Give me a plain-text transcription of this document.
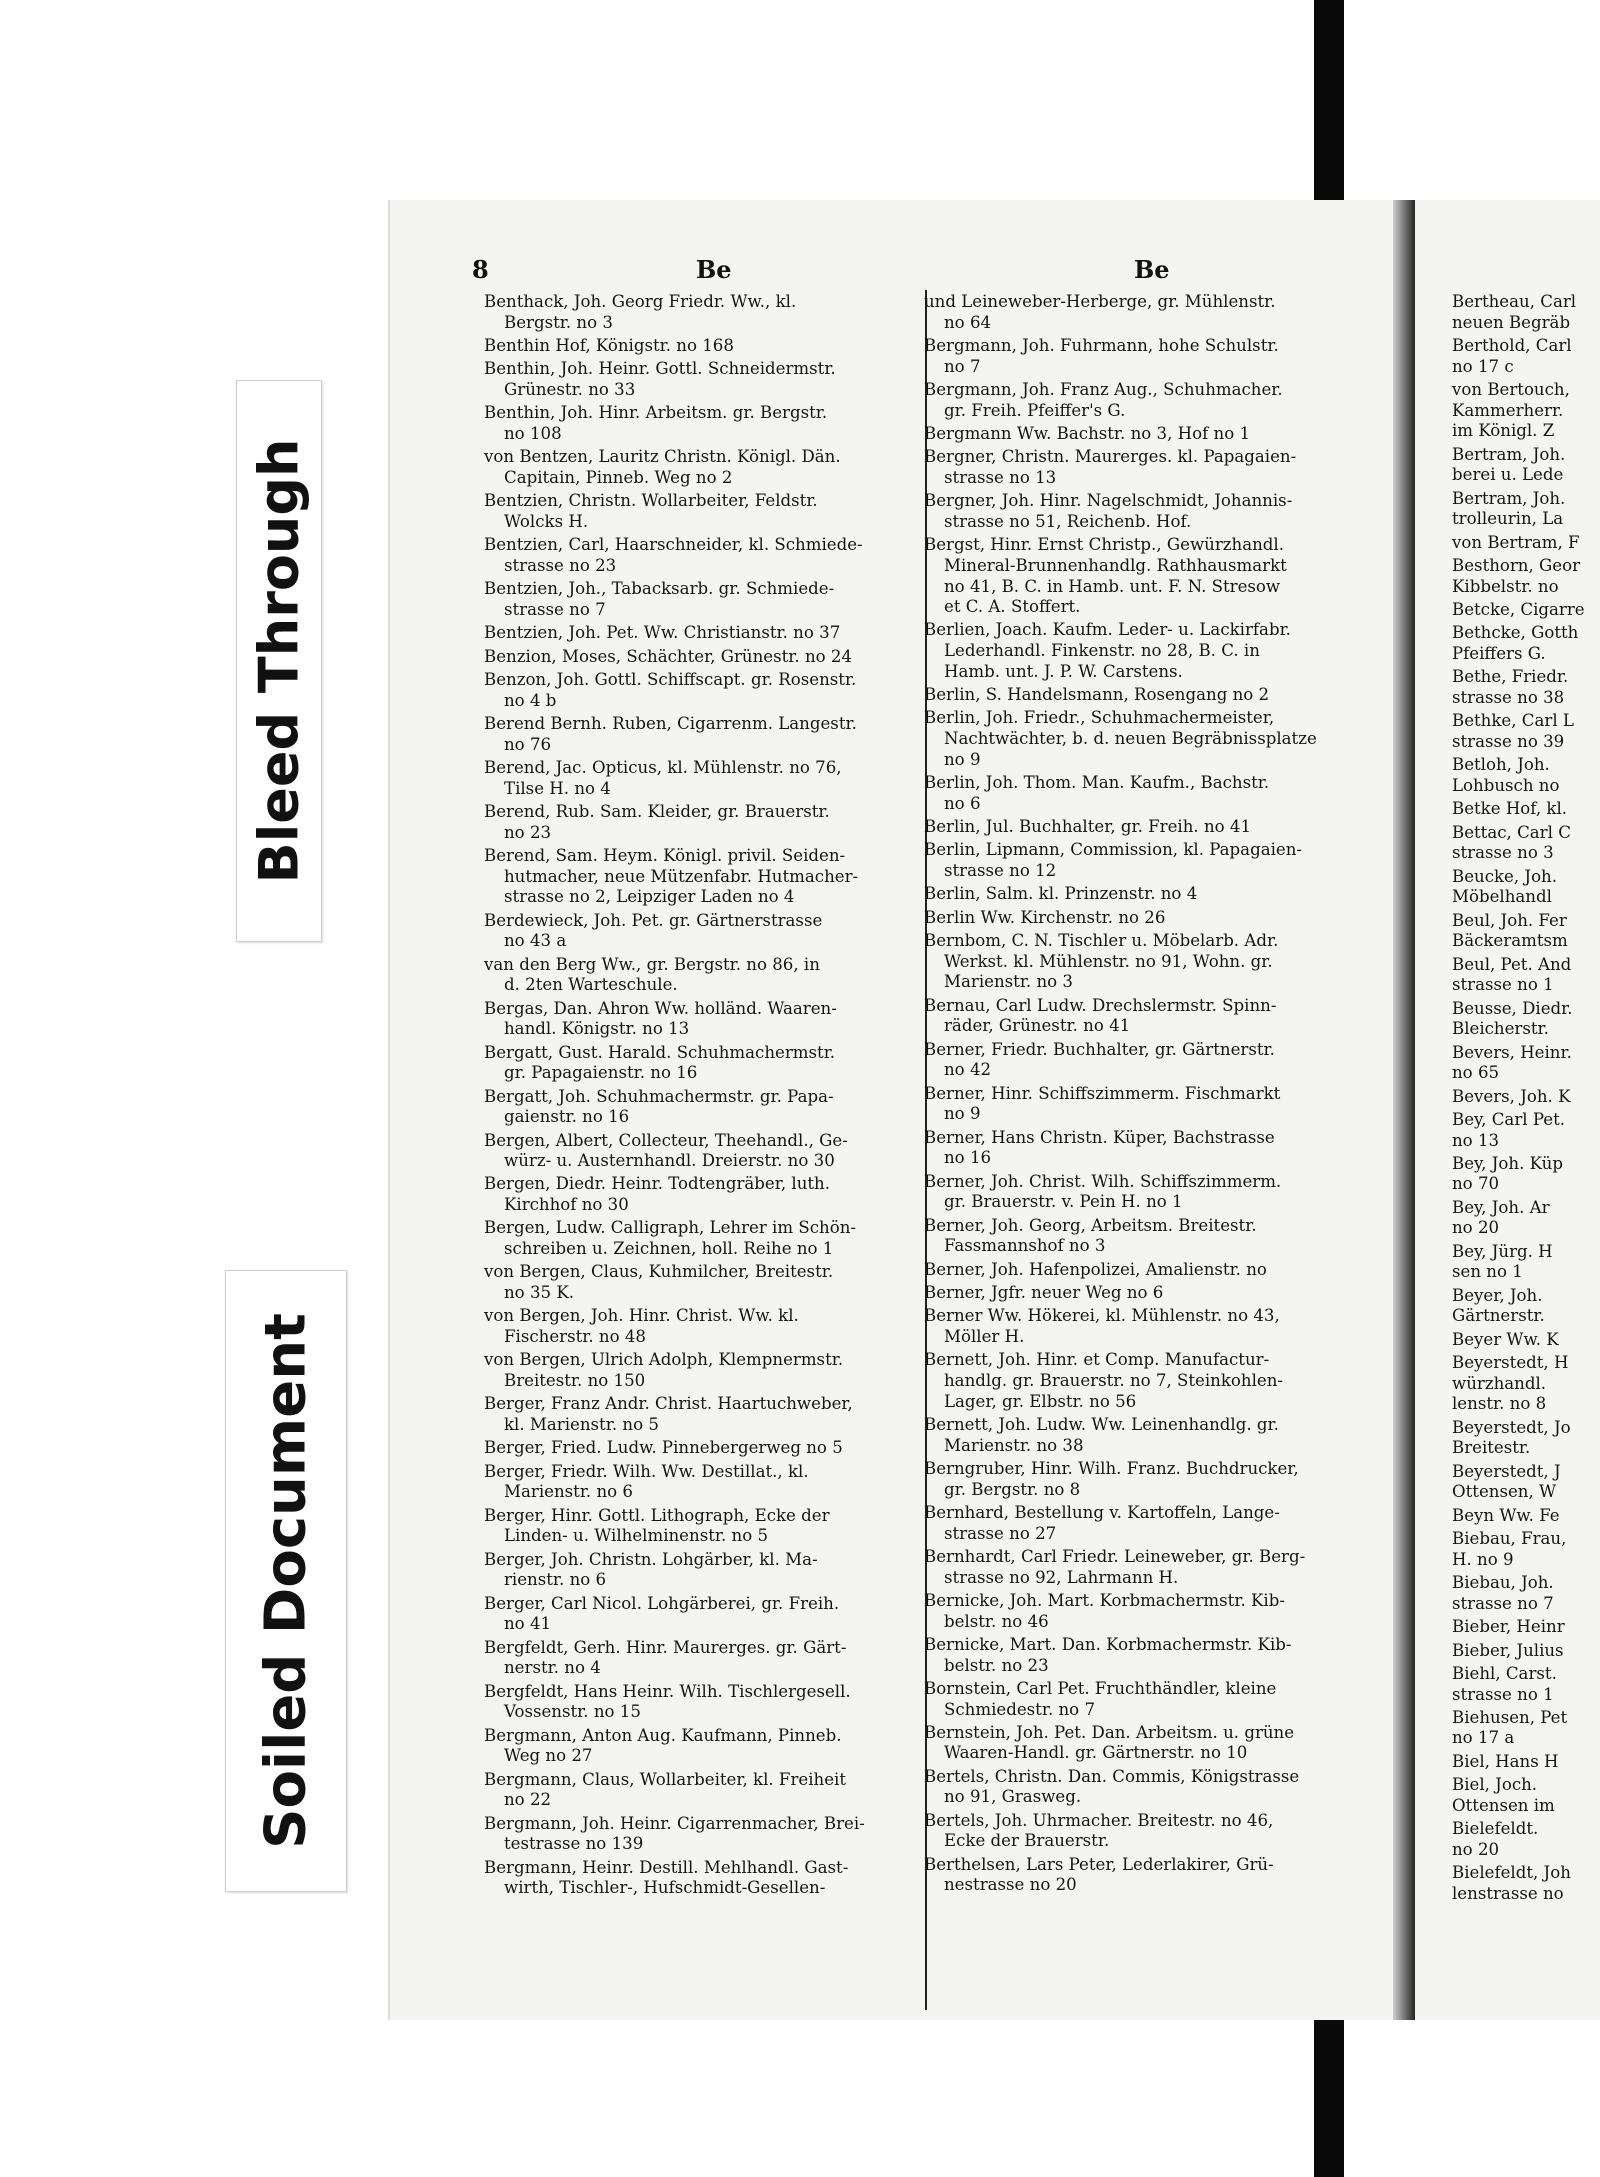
Bleed Through
Soiled Document
8	Be	Be

Benthack, Joh. Georg Friedr. Ww., kl.
Bergstr. no 3

Benthin Hof, Königstr. no 168

Benthin, Joh. Heinr. Gottl. Schneidermstr.
Grünestr. no 33

Benthin, Joh. Hinr. Arbeitsm. gr. Bergstr.
no 108

von Bentzen, Lauritz Christn. Königl. Dän.
Capitain, Pinneb. Weg no 2

Bentzien, Christn. Wollarbeiter, Feldstr.
Wolcks H.

Bentzien, Carl, Haarschneider, kl. Schmiede-
strasse no 23

Bentzien, Joh., Tabacksarb. gr. Schmiede-
strasse no 7

Bentzien, Joh. Pet. Ww. Christianstr. no 37

Benzion, Moses, Schächter, Grünestr. no 24

Benzon, Joh. Gottl. Schiffscapt. gr. Rosenstr.
no 4 b

Berend Bernh. Ruben, Cigarrenm. Langestr.
no 76

Berend, Jac. Opticus, kl. Mühlenstr. no 76,
Tilse H. no 4

Berend, Rub. Sam. Kleider, gr. Brauerstr.
no 23

Berend, Sam. Heym. Königl. privil. Seiden-
hutmacher, neue Mützenfabr. Hutmacher-
strasse no 2, Leipziger Laden no 4

Berdewieck, Joh. Pet. gr. Gärtnerstrasse
no 43 a

van den Berg Ww., gr. Bergstr. no 86, in
d. 2ten Warteschule.

Bergas, Dan. Ahron Ww. holländ. Waaren-
handl. Königstr. no 13

Bergatt, Gust. Harald. Schuhmachermstr.
gr. Papagaienstr. no 16

Bergatt, Joh. Schuhmachermstr. gr. Papa-
gaienstr. no 16

Bergen, Albert, Collecteur, Theehandl., Ge-
würz- u. Austernhandl. Dreierstr. no 30

Bergen, Diedr. Heinr. Todtengräber, luth.
Kirchhof no 30

Bergen, Ludw. Calligraph, Lehrer im Schön-
schreiben u. Zeichnen, holl. Reihe no 1

von Bergen, Claus, Kuhmilcher, Breitestr.
no 35 K.

von Bergen, Joh. Hinr. Christ. Ww. kl.
Fischerstr. no 48

von Bergen, Ulrich Adolph, Klempnermstr.
Breitestr. no 150

Berger, Franz Andr. Christ. Haartuchweber,
kl. Marienstr. no 5

Berger, Fried. Ludw. Pinnebergerweg no 5

Berger, Friedr. Wilh. Ww. Destillat., kl.
Marienstr. no 6

Berger, Hinr. Gottl. Lithograph, Ecke der
Linden- u. Wilhelminenstr. no 5

Berger, Joh. Christn. Lohgärber, kl. Ma-
rienstr. no 6

Berger, Carl Nicol. Lohgärberei, gr. Freih.
no 41

Bergfeldt, Gerh. Hinr. Maurerges. gr. Gärt-
nerstr. no 4

Bergfeldt, Hans Heinr. Wilh. Tischlergesell.
Vossenstr. no 15

Bergmann, Anton Aug. Kaufmann, Pinneb.
Weg no 27

Bergmann, Claus, Wollarbeiter, kl. Freiheit
no 22

Bergmann, Joh. Heinr. Cigarrenmacher, Brei-
testrasse no 139

Bergmann, Heinr. Destill. Mehlhandl. Gast-
wirth, Tischler-, Hufschmidt-Gesellen-

und Leineweber-Herberge, gr. Mühlenstr.
no 64

Bergmann, Joh. Fuhrmann, hohe Schulstr.
no 7

Bergmann, Joh. Franz Aug., Schuhmacher.
gr. Freih. Pfeiffer's G.

Bergmann Ww. Bachstr. no 3, Hof no 1

Bergner, Christn. Maurerges. kl. Papagaien-
strasse no 13

Bergner, Joh. Hinr. Nagelschmidt, Johannis-
strasse no 51, Reichenb. Hof.

Bergst, Hinr. Ernst Christp., Gewürzhandl.
Mineral-Brunnenhandlg. Rathhausmarkt
no 41, B. C. in Hamb. unt. F. N. Stresow
et C. A. Stoffert.

Berlien, Joach. Kaufm. Leder- u. Lackirfabr.
Lederhandl. Finkenstr. no 28, B. C. in
Hamb. unt. J. P. W. Carstens.

Berlin, S. Handelsmann, Rosengang no 2

Berlin, Joh. Friedr., Schuhmachermeister,
Nachtwächter, b. d. neuen Begräbnissplatze
no 9

Berlin, Joh. Thom. Man. Kaufm., Bachstr.
no 6

Berlin, Jul. Buchhalter, gr. Freih. no 41

Berlin, Lipmann, Commission, kl. Papagaien-
strasse no 12

Berlin, Salm. kl. Prinzenstr. no 4

Berlin Ww. Kirchenstr. no 26

Bernbom, C. N. Tischler u. Möbelarb. Adr.
Werkst. kl. Mühlenstr. no 91, Wohn. gr.
Marienstr. no 3

Bernau, Carl Ludw. Drechslermstr. Spinn-
räder, Grünestr. no 41

Berner, Friedr. Buchhalter, gr. Gärtnerstr.
no 42

Berner, Hinr. Schiffszimmerm. Fischmarkt
no 9

Berner, Hans Christn. Küper, Bachstrasse
no 16

Berner, Joh. Christ. Wilh. Schiffszimmerm.
gr. Brauerstr. v. Pein H. no 1

Berner, Joh. Georg, Arbeitsm. Breitestr.
Fassmannshof no 3

Berner, Joh. Hafenpolizei, Amalienstr. no

Berner, Jgfr. neuer Weg no 6

Berner Ww. Hökerei, kl. Mühlenstr. no 43,
Möller H.

Bernett, Joh. Hinr. et Comp. Manufactur-
handlg. gr. Brauerstr. no 7, Steinkohlen-
Lager, gr. Elbstr. no 56

Bernett, Joh. Ludw. Ww. Leinenhandlg. gr.
Marienstr. no 38

Berngruber, Hinr. Wilh. Franz. Buchdrucker,
gr. Bergstr. no 8

Bernhard, Bestellung v. Kartoffeln, Lange-
strasse no 27

Bernhardt, Carl Friedr. Leineweber, gr. Berg-
strasse no 92, Lahrmann H.

Bernicke, Joh. Mart. Korbmachermstr. Kib-
belstr. no 46

Bernicke, Mart. Dan. Korbmachermstr. Kib-
belstr. no 23

Bornstein, Carl Pet. Fruchthändler, kleine
Schmiedestr. no 7

Bernstein, Joh. Pet. Dan. Arbeitsm. u. grüne
Waaren-Handl. gr. Gärtnerstr. no 10

Bertels, Christn. Dan. Commis, Königstrasse
no 91, Grasweg.

Bertels, Joh. Uhrmacher. Breitestr. no 46,
Ecke der Brauerstr.

Berthelsen, Lars Peter, Lederlakirer, Grü-
nestrasse no 20

Bertheau, Carl
neuen Begräb

Berthold, Carl
no 17 c

von Bertouch,
Kammerherr.
im Königl. Z

Bertram, Joh.
berei u. Lede

Bertram, Joh.
trolleurin, La

von Bertram, F

Besthorn, Geor
Kibbelstr. no

Betcke, Cigarre

Bethcke, Gotth
Pfeiffers G.

Bethe, Friedr.
strasse no 38

Bethke, Carl L
strasse no 39

Betloh, Joh.
Lohbusch no

Betke Hof, kl.

Bettac, Carl C
strasse no 3

Beucke, Joh.
Möbelhandl

Beul, Joh. Fer
Bäckeramtsm

Beul, Pet. And
strasse no 1

Beusse, Diedr.
Bleicherstr.

Bevers, Heinr.
no 65

Bevers, Joh. K

Bey, Carl Pet.
no 13

Bey, Joh. Küp
no 70

Bey, Joh. Ar
no 20

Bey, Jürg. H
sen no 1

Beyer, Joh.
Gärtnerstr.

Beyer Ww. K

Beyerstedt, H
würzhandl.
lenstr. no 8

Beyerstedt, Jo
Breitestr.

Beyerstedt, J
Ottensen, W

Beyn Ww. Fe

Biebau, Frau,
H. no 9

Biebau, Joh.
strasse no 7

Bieber, Heinr

Bieber, Julius

Biehl, Carst.
strasse no 1

Biehusen, Pet
no 17 a

Biel, Hans H

Biel, Joch.
Ottensen im

Bielefeldt.
no 20

Bielefeldt, Joh
lenstrasse no
